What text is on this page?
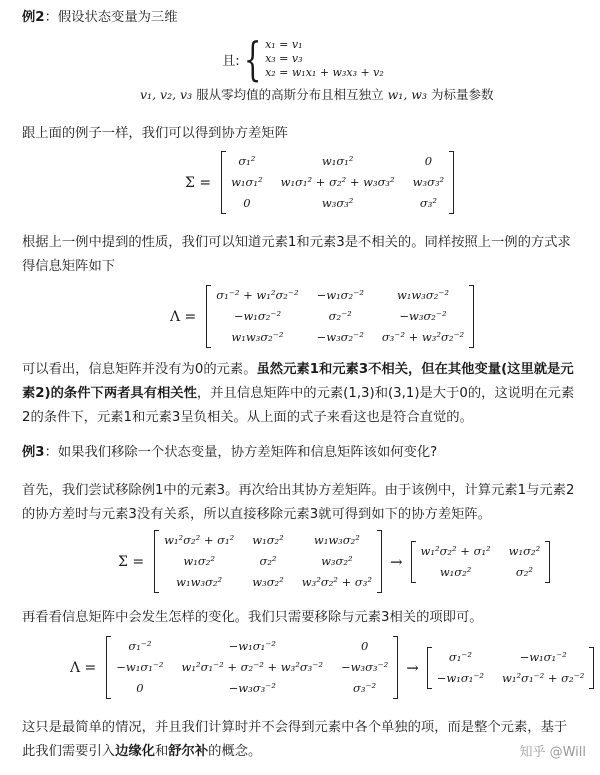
例2：假设状态变量为三维

且: { x₁ = v₁
x₃ = v₃
x₂ = w₁x₁ + w₃x₃ + v₂

v₁, v₂, v₃ 服从零均值的高斯分布且相互独立 w₁, w₃ 为标量参数

跟上面的例子一样，我们可以得到协方差矩阵

Σ =
σ₁²	w₁σ₁²	0
w₁σ₁²	w₁σ₁² + σ₂² + w₃σ₃²	w₃σ₃²
0	w₃σ₃²	σ₃²

根据上一例中提到的性质，我们可以知道元素1和元素3是不相关的。同样按照上一例的方式求得信息矩阵如下

Λ =
σ₁⁻² + w₁²σ₂⁻²	−w₁σ₂⁻²	w₁w₃σ₂⁻²
−w₁σ₂⁻²	σ₂⁻²	−w₃σ₂⁻²
w₁w₃σ₂⁻²	−w₃σ₂⁻²	σ₃⁻² + w₃²σ₂⁻²

可以看出，信息矩阵并没有为0的元素。虽然元素1和元素3不相关，但在其他变量(这里就是元素2)的条件下两者具有相关性，并且信息矩阵中的元素(1,3)和(3,1)是大于0的，这说明在元素2的条件下，元素1和元素3呈负相关。从上面的式子来看这也是符合直觉的。

例3：如果我们移除一个状态变量，协方差矩阵和信息矩阵该如何变化?

首先，我们尝试移除例1中的元素3。再次给出其协方差矩阵。由于该例中，计算元素1与元素2的协方差时与元素3没有关系，所以直接移除元素3就可得到如下的协方差矩阵。

Σ =
w₁²σ₂² + σ₁²	w₁σ₂²	w₁w₃σ₂²
w₁σ₂²	σ₂²	w₃σ₂²
w₁w₃σ₂²	w₃σ₂²	w₃²σ₂² + σ₃²
→
w₁²σ₂² + σ₁²	w₁σ₂²
w₁σ₂²	σ₂²

再看看信息矩阵中会发生怎样的变化。我们只需要移除与元素3相关的项即可。

Λ =
σ₁⁻²	−w₁σ₁⁻²	0
−w₁σ₁⁻²	w₁²σ₁⁻² + σ₂⁻² + w₃²σ₃⁻²	−w₃σ₃⁻²
0	−w₃σ₃⁻²	σ₃⁻²
→
σ₁⁻²	−w₁σ₁⁻²
−w₁σ₁⁻²	w₁²σ₁⁻² + σ₂⁻²

这只是最简单的情况，并且我们计算时并不会得到元素中各个单独的项，而是整个元素，基于此我们需要引入边缘化和舒尔补的概念。	知乎 @Will
